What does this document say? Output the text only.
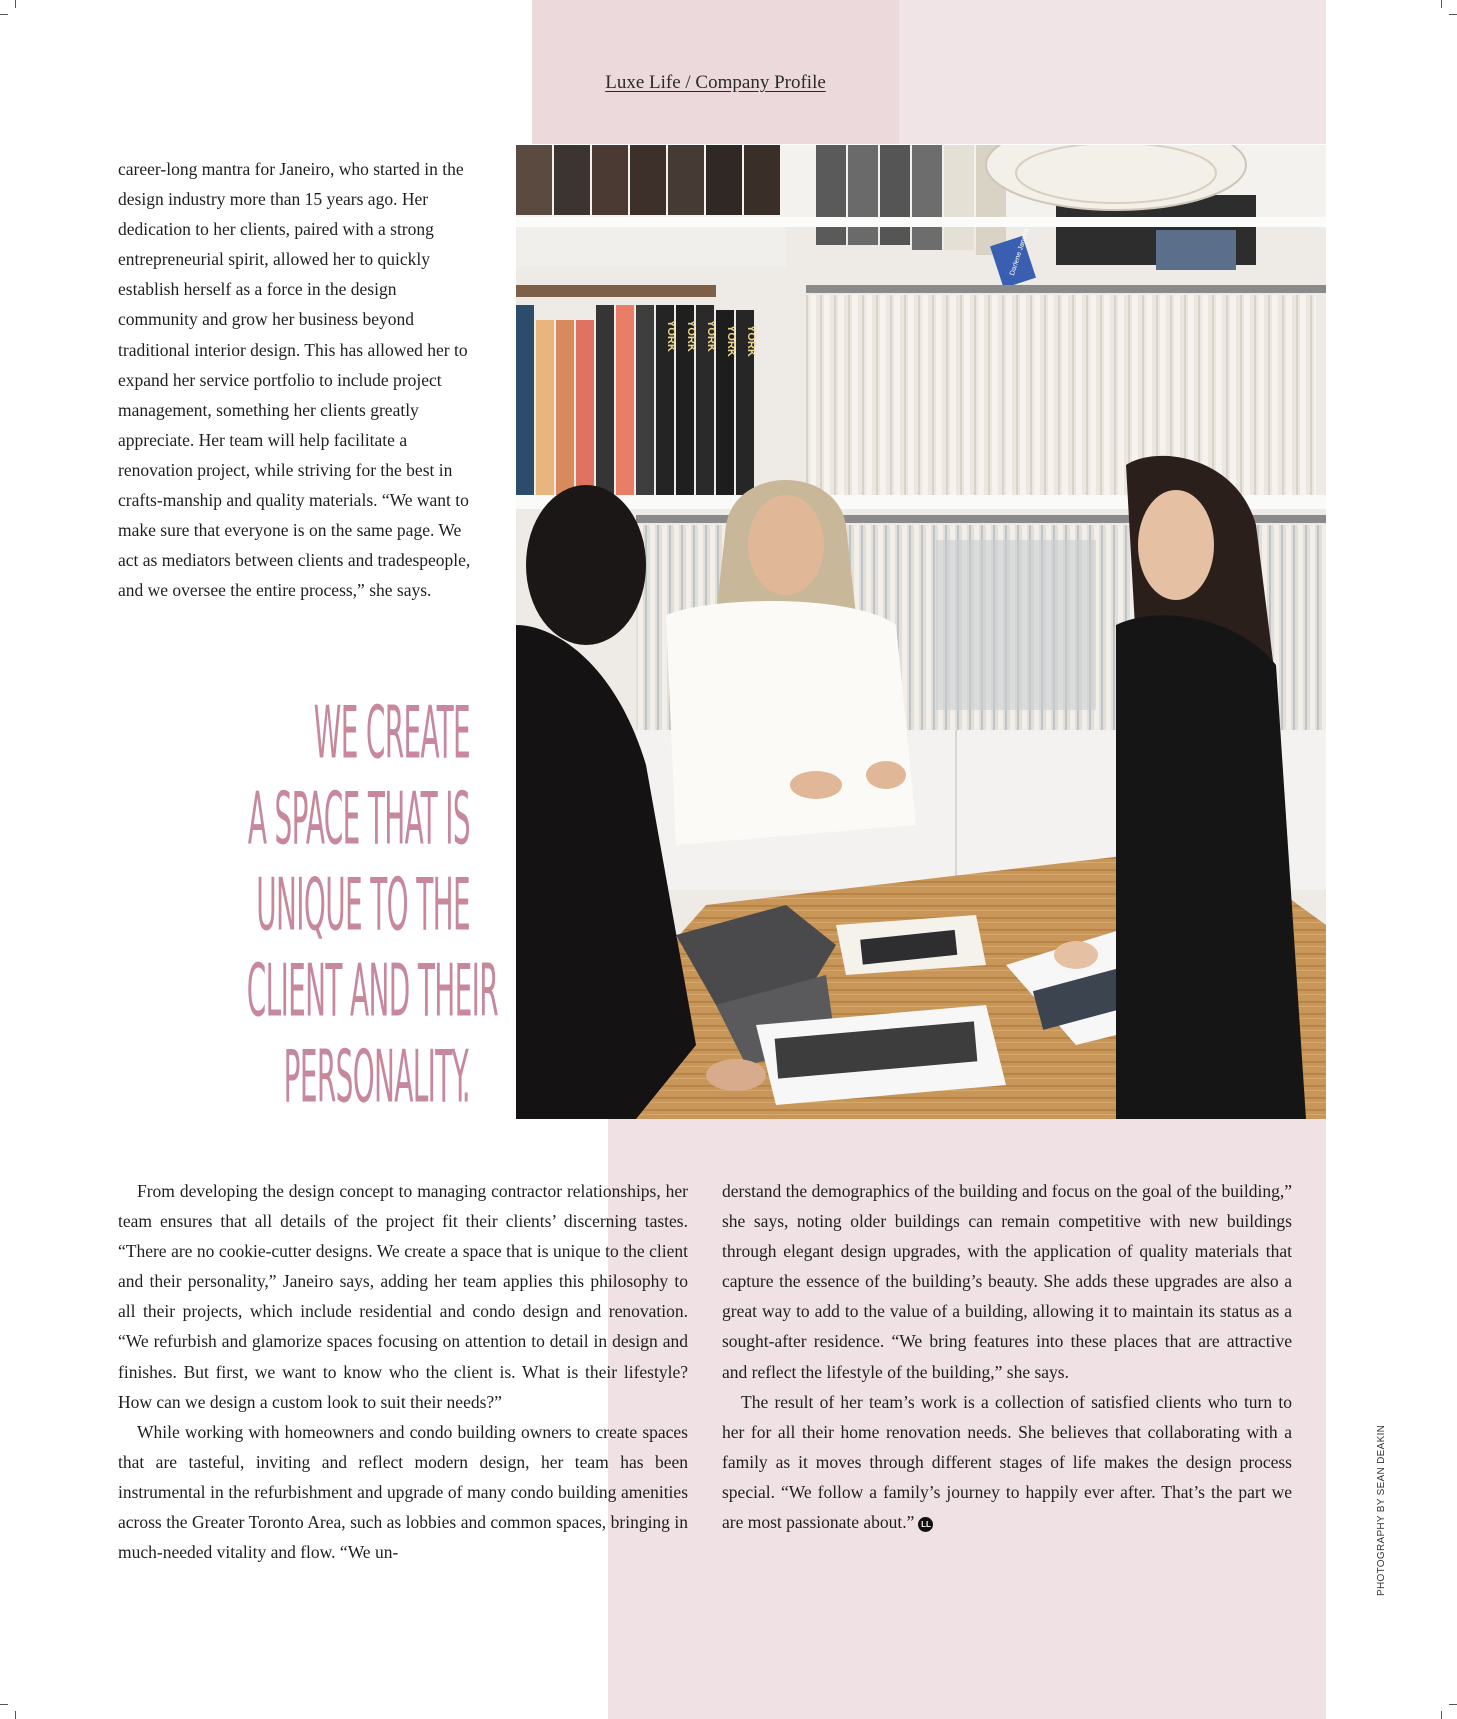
Luxe Life / Company Profile
career-long mantra for Janeiro, who started in the design industry more than 15 years ago. Her dedication to her clients, paired with a strong entrepreneurial spirit, allowed her to quickly establish herself as a force in the design community and grow her business beyond traditional interior design. This has allowed her to expand her service portfolio to include project management, something her clients greatly appreciate. Her team will help facilitate a renovation project, while striving for the best in crafts-manship and quality materials. “We want to make sure that everyone is on the same page. We act as mediators between clients and tradespeople, and we oversee the entire process,” she says.
WE CREATE
A SPACE THAT IS
UNIQUE TO THE
CLIENT AND THEIR
PERSONALITY.
Darlene Janeiro
YORK YORK YORK YORK YORK

From developing the design concept to managing contractor relationships, her team ensures that all details of the project fit their clients’ discerning tastes. “There are no cookie-cutter designs. We create a space that is unique to the client and their personality,” Janeiro says, adding her team applies this philosophy to all their projects, which include residential and condo design and renovation. “We refurbish and glamorize spaces focusing on attention to detail in design and finishes. But first, we want to know who the client is. What is their lifestyle? How can we design a custom look to suit their needs?”

While working with homeowners and condo building owners to create spaces that are tasteful, inviting and reflect modern design, her team has been instrumental in the refurbishment and upgrade of many condo building amenities across the Greater Toronto Area, such as lobbies and common spaces, bringing in much-needed vitality and flow. “We un-

derstand the demographics of the building and focus on the goal of the building,” she says, noting older buildings can remain competitive with new buildings through elegant design upgrades, with the application of quality materials that capture the essence of the building’s beauty. She adds these upgrades are also a great way to add to the value of a building, allowing it to maintain its status as a sought-after residence. “We bring features into these places that are attractive and reflect the lifestyle of the building,” she says.

The result of her team’s work is a collection of satisfied clients who turn to her for all their home renovation needs. She believes that collaborating with a family as it moves through different stages of life makes the design process special. “We follow a family’s journey to happily ever after. That’s the part we are most passionate about.” LL	PHOTOGRAPHY BY SEAN DEAKIN
